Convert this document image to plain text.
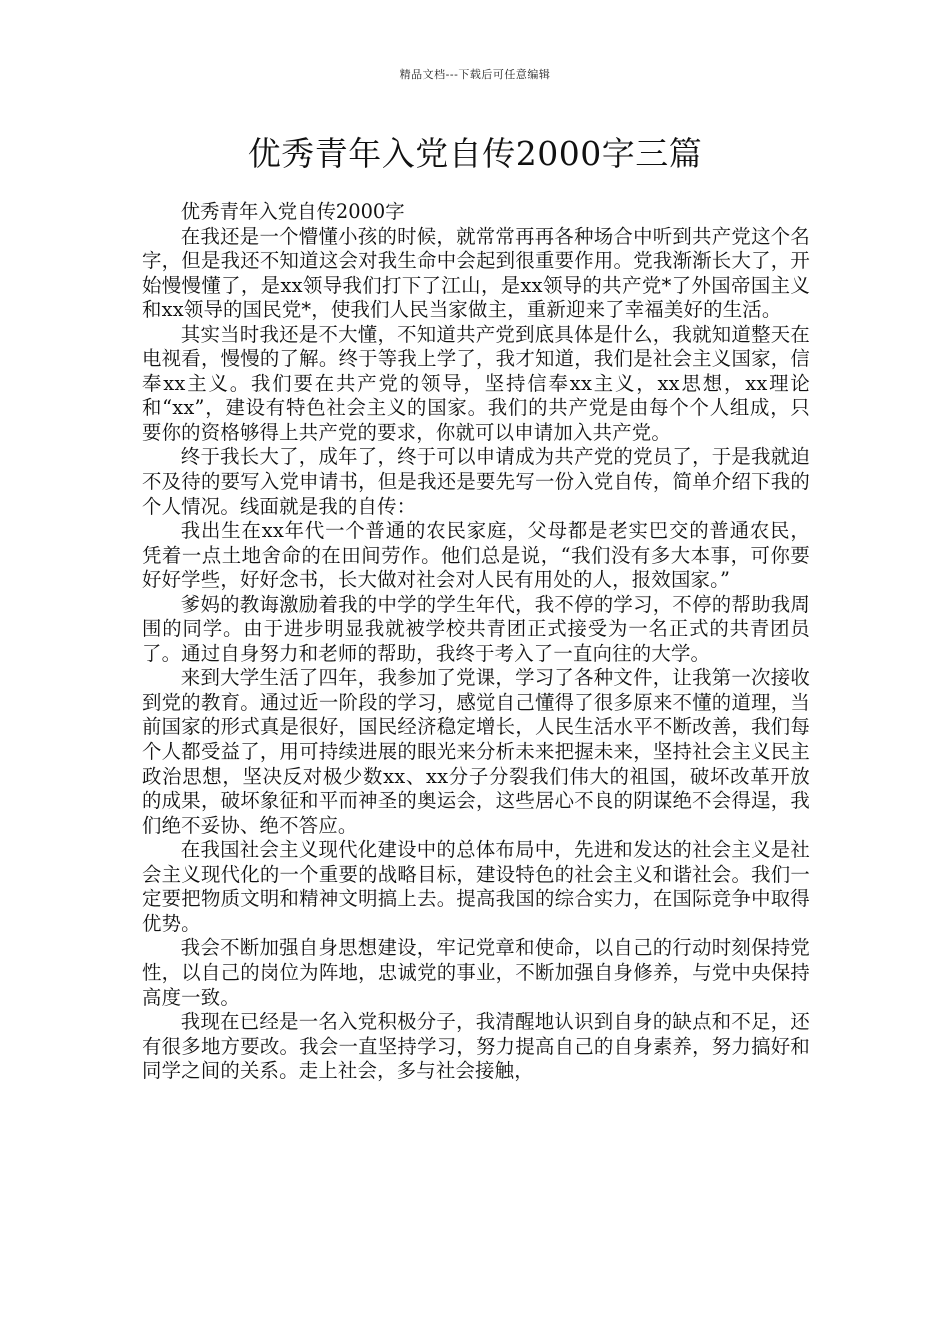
精品文档---下载后可任意编辑
优秀青年入党自传2000字三篇

优秀青年入党自传2000字

在我还是一个懵懂小孩的时候，就常常再再各种场合中听到共产党这个名字，但是我还不知道这会对我生命中会起到很重要作用。党我渐渐长大了，开始慢慢懂了，是xx领导我们打下了江山，是xx领导的共产党*了外国帝国主义和xx领导的国民党*，使我们人民当家做主，重新迎来了幸福美好的生活。

其实当时我还是不大懂，不知道共产党到底具体是什么，我就知道整天在电视看，慢慢的了解。终于等我上学了，我才知道，我们是社会主义国家，信奉xx主义。我们要在共产党的领导，坚持信奉xx主义，xx思想，xx理论和“xx”，建设有特色社会主义的国家。我们的共产党是由每个个人组成，只要你的资格够得上共产党的要求，你就可以申请加入共产党。

终于我长大了，成年了，终于可以申请成为共产党的党员了，于是我就迫不及待的要写入党申请书，但是我还是要先写一份入党自传，简单介绍下我的个人情况。线面就是我的自传：

我出生在xx年代一个普通的农民家庭，父母都是老实巴交的普通农民，凭着一点土地舍命的在田间劳作。他们总是说，“我们没有多大本事，可你要好好学些，好好念书，长大做对社会对人民有用处的人，报效国家。”

爹妈的教诲激励着我的中学的学生年代，我不停的学习，不停的帮助我周围的同学。由于进步明显我就被学校共青团正式接受为一名正式的共青团员了。通过自身努力和老师的帮助，我终于考入了一直向往的大学。

来到大学生活了四年，我参加了党课，学习了各种文件，让我第一次接收到党的教育。通过近一阶段的学习，感觉自己懂得了很多原来不懂的道理，当前国家的形式真是很好，国民经济稳定增长，人民生活水平不断改善，我们每个人都受益了，用可持续进展的眼光来分析未来把握未来，坚持社会主义民主政治思想，坚决反对极少数xx、xx分子分裂我们伟大的祖国，破坏改革开放的成果，破坏象征和平而神圣的奥运会，这些居心不良的阴谋绝不会得逞，我们绝不妥协、绝不答应。

在我国社会主义现代化建设中的总体布局中，先进和发达的社会主义是社会主义现代化的一个重要的战略目标，建设特色的社会主义和谐社会。我们一定要把物质文明和精神文明搞上去。提高我国的综合实力，在国际竞争中取得优势。

我会不断加强自身思想建设，牢记党章和使命，以自己的行动时刻保持党性，以自己的岗位为阵地，忠诚党的事业，不断加强自身修养，与党中央保持高度一致。

我现在已经是一名入党积极分子，我清醒地认识到自身的缺点和不足，还有很多地方要改。我会一直坚持学习，努力提高自己的自身素养，努力搞好和同学之间的关系。走上社会，多与社会接触，
